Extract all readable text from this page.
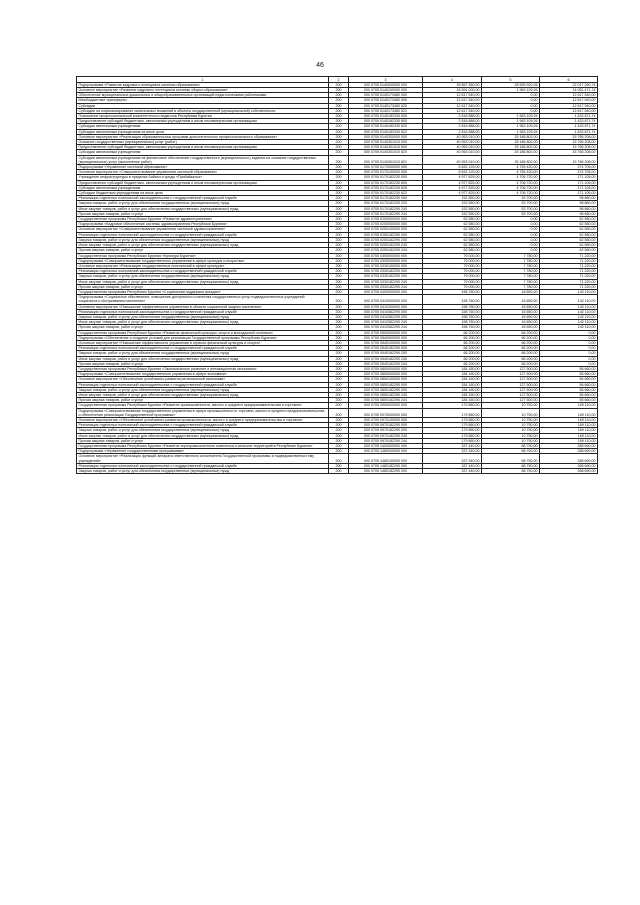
46
1	2	3	4	5	6
Подпрограмма «Развитие кадрового потенциала системы образования»	200	000 0705 0140000000 000	39 857 560,00	28 559 920,26	22 017 260,74
Основное мероприятие «Развитие кадрового потенциала системы общего образования»	200	000 0705 0140100000 000	15 591 000,00	1 963 109,26	14 051 471,74
Обеспечение муниципальных дошкольных и общеобразовательных организаций педагогическими работниками	200	000 0705 0140173480 000	12 617 540,00	0,00	12 617 540,00
Межбюджетные трансферты	200	000 0705 0140173480 500	12 617 540,00	0,00	12 617 540,00
Субсидии	200	000 0705 0140173480 520	12 617 540,00	0,00	12 617 540,00
Субсидии на софинансирование капитальных вложений в объекты государственной (муниципальной) собственности	200	000 0705 0140173480 521	12 617 540,00	0,00	12 617 540,00
Повышение профессиональной компетентности педагогов Республики Бурятия	200	000 0705 0140182330 000	2 816 888,00	1 963 109,26	1 433 871,74
Предоставление субсидий бюджетным, автономным учреждениям и иным некоммерческим организациям	200	000 0705 0140182330 600	2 816 888,00	1 963 109,26	1 433 871,74
Субсидии автономным учреждениям	200	000 0705 0140182330 620	2 816 888,00	1 963 109,26	1 433 871,74
Субсидии автономным учреждениям на иные цели	200	000 0705 0140182330 622	2 816 888,00	1 963 109,26	1 433 871,74
Основное мероприятие «Реализация образовательных программ дополнительного профессионального образования»	200	000 0705 0140300000 000	40 953 010,00	25 186 802,00	15 766 208,00
Оказание государственных (муниципальных) услуг (работ)	200	000 0705 0140301010 000	40 953 010,00	25 186 802,00	15 766 208,00
Предоставление субсидий бюджетным, автономным учреждениям и иным некоммерческим организациям	200	000 0705 0140301010 600	40 953 010,00	25 186 802,00	15 766 208,00
Субсидии автономным учреждениям	200	000 0705 0140301010 620	40 953 010,00	25 186 802,00	15 766 208,00
Субсидии автономным учреждениям на финансовое обеспечение государственного (муниципального) задания на оказание государственных (муниципальных) услуг (выполнение работ)	200	000 0705 0140301010 621	40 953 010,00	25 186 802,00	15 766 208,00
Подпрограмма «Управление системой образования»	200	000 0705 0170000000 000	5 632 125,00	4 755 420,00	274 705,00
Основное мероприятие «Совершенствование управления системой образования»	200	000 0705 0170100000 000	5 632 125,00	4 755 420,00	274 705,00
Учреждение инфраструктуры в пределах Байкал и среды «Прибайкалья»	200	000 0705 0170182230 000	4 977 825,00	4 706 720,00	171 105,00
Предоставление субсидий бюджетным, автономным учреждениям и иным некоммерческим организациям	200	000 0705 0170182230 600	4 977 825,00	4 706 720,00	171 105,00
Субсидии автономным учреждениям	200	000 0705 0170182230 620	4 977 825,00	4 706 720,00	171 105,00
Субсидии бюджетным учреждениям на иные цели	200	000 0705 0170182230 622	4 977 825,00	4 706 720,00	171 105,00
Реализация отдельных полномочий законодательства о государственной гражданской службе	200	000 0705 0170182290 000	152 560,00	53 700,00	98 860,00
Закупка товаров, работ и услуг для обеспечения государственных (муниципальных) нужд	200	000 0705 0170182290 200	152 560,00	53 700,00	98 860,00
Иные закупки товаров, работ и услуг для обеспечения государственных (муниципальных) нужд	200	000 0705 0170182290 240	152 560,00	53 700,00	98 860,00
Прочая закупка товаров, работ и услуг	200	000 0705 0170182290 244	152 560,00	53 700,00	98 860,00
Государственная программа Республики Бурятия «Развитие здравоохранения»	200	000 0705 0200000000 000	62 580,00	0,00	62 580,00
Подпрограмма «Кадровое обеспечение системы здравоохранения Республики Бурятия»	200	000 0705 0250000000 000	62 580,00	0,00	62 580,00
Основное мероприятие «Совершенствование управления системой здравоохранения»	200	000 0705 0250100000 000	62 580,00	0,00	62 580,00
Реализация отдельных полномочий законодательства о государственной гражданской службе	200	000 0705 0250182290 000	62 580,00	0,00	62 580,00
Закупка товаров, работ и услуг для обеспечения государственных (муниципальных) нужд	200	000 0705 0250182290 200	62 580,00	0,00	62 580,00
Иные закупки товаров, работ и услуг для обеспечения государственных (муниципальных) нужд	200	000 0705 0250182290 240	62 580,00	0,00	62 580,00
Прочая закупка товаров, работ и услуг	200	000 0705 0250182290 244	62 580,00	0,00	62 580,00
Государственная программа Республики Бурятия «Культура Бурятии»	200	000 0705 0300000000 000	79 000,00	7 780,00	71 220,00
Подпрограмма «Совершенствование государственного управления в сфере культуры и искусства»	200	000 0705 0330000000 000	79 000,00	7 780,00	71 220,00
Основное мероприятие «Реализация государственных полномочий в сфере культуры»	200	000 0705 0330100000 000	79 000,00	7 780,00	71 220,00
Реализация отдельных полномочий законодательства о государственной гражданской службе	200	000 0705 0330182290 000	79 000,00	7 780,00	71 220,00
Закупка товаров, работ и услуг для обеспечения государственных (муниципальных) нужд	200	000 0705 0330182290 200	79 000,00	7 780,00	71 220,00
Иные закупки товаров, работ и услуг для обеспечения государственных (муниципальных) нужд	200	000 0705 0330182290 240	79 000,00	7 780,00	71 220,00
Прочая закупка товаров, работ и услуг	200	000 0705 0330182290 244	79 000,00	7 780,00	71 220,00
Государственная программа Республики Бурятия «Социальная поддержка граждан»	200	000 0705 0400000000 000	158 760,00	16 650,00	142 110,00
Подпрограмма «Социальное обеспечение, повышение доступности и качества государственных услуг подведомственных учреждений социального обслуживания населения»	200	000 0705 0410000000 000	158 760,00	16 650,00	142 110,00
Основное мероприятие «Повышение эффективности управления в области социальной защиты населения»	200	000 0705 0410300000 000	158 760,00	16 650,00	142 110,00
Реализация отдельных полномочий законодательства о государственной гражданской службе	200	000 0705 0410382290 000	158 760,00	16 650,00	142 110,00
Закупка товаров, работ и услуг для обеспечения государственных (муниципальных) нужд	200	000 0705 0410382290 200	158 760,00	16 650,00	142 110,00
Иные закупки товаров, работ и услуг для обеспечения государственных (муниципальных) нужд	200	000 0705 0410382290 240	158 760,00	16 650,00	142 110,00
Прочая закупка товаров, работ и услуг	200	000 0705 0410382290 244	158 760,00	16 650,00	142 110,00
Государственная программа Республики Бурятия «Развитие физической культуры, спорта и молодежной политики»	200	000 0705 0500000000 000	66 200,00	66 200,00	0,00
Подпрограмма «Обеспечение и создание условий для реализации Государственной программы Республики Бурятия»	200	000 0705 0540000000 000	66 200,00	66 200,00	0,00
Основное мероприятие «Повышение эффективности управления в отрасли физической культуры и спорта»	200	000 0705 0540100000 000	66 200,00	66 200,00	0,00
Реализация отдельных полномочий законодательства о государственной гражданской службе	200	000 0705 0540182290 000	66 200,00	66 200,00	0,00
Закупка товаров, работ и услуг для обеспечения государственных (муниципальных) нужд	200	000 0705 0540182290 200	66 200,00	66 200,00	0,00
Иные закупки товаров, работ и услуг для обеспечения государственных (муниципальных) нужд	200	000 0705 0540182290 240	66 200,00	66 200,00	0,00
Прочая закупка товаров, работ и услуг	200	000 0705 0540182290 244	66 200,00	66 200,00	0,00
Государственная программа Республики Бурятия «Экономическое развитие и инновационная экономика»	200	000 0705 0800000000 000	184 160,00	127 500,00	56 660,00
Подпрограмма «Совершенствование государственного управления в сфере экономики»	200	000 0705 0850000000 000	184 160,00	127 500,00	56 660,00
Основное мероприятие «Обеспечение устойчивого развития региональной экономики»	200	000 0705 0850100000 000	184 160,00	127 500,00	56 660,00
Реализация отдельных полномочий законодательства о государственной гражданской службе	200	000 0705 0850182290 000	184 160,00	127 500,00	56 660,00
Закупка товаров, работ и услуг для обеспечения государственных (муниципальных) нужд	200	000 0705 0850182290 200	184 160,00	127 500,00	56 660,00
Иные закупки товаров, работ и услуг для обеспечения государственных (муниципальных) нужд	200	000 0705 0850182290 240	184 160,00	127 500,00	56 660,00
Прочая закупка товаров, работ и услуг	200	000 0705 0850182290 244	184 160,00	127 500,00	56 660,00
Государственная программа Республики Бурятия «Развитие промышленности, малого и среднего предпринимательства и торговли»	200	000 0705 0900000000 000	179 860,00	10 750,00	169 110,00
Подпрограмма «Совершенствование государственного управления в сфере промышленности, торговли, малого и среднего предпринимательства и обеспечение реализации Государственной программы»	200	000 0705 0970000000 000	179 860,00	10 750,00	169 110,00
Основное мероприятие «Обеспечение устойчивого развития промышленности, малого и среднего предпринимательства и торговли»	200	000 0705 0970100000 000	179 860,00	10 750,00	169 110,00
Реализация отдельных полномочий законодательства о государственной гражданской службе	200	000 0705 0970182290 000	179 860,00	10 750,00	169 110,00
Закупка товаров, работ и услуг для обеспечения государственных (муниципальных) нужд	200	000 0705 0970182290 200	179 860,00	10 750,00	169 110,00
Иные закупки товаров, работ и услуг для обеспечения государственных (муниципальных) нужд	200	000 0705 0970182290 240	179 860,00	10 750,00	169 110,00
Прочая закупка товаров, работ и услуг	200	000 0705 0970182290 244	179 860,00	10 750,00	169 110,00
Государственная программа Республики Бурятия «Развитие агропромышленного комплекса и сельских территорий в Республике Бурятия»	200	000 0705 1400000000 000	337 440,00	68 750,00	268 690,00
Подпрограмма «Управление государственными программами»	200	000 0705 1480000000 000	337 440,00	68 750,00	268 690,00
Основное мероприятие «Реализация функций аппарата ответственного исполнителя Государственной программы и подведомственных ему учреждений»	200	000 0705 1480100000 000	337 440,00	68 750,00	268 690,00
Реализация отдельных полномочий законодательства о государственной гражданской службе	200	000 0705 1480182290 000	337 440,00	68 750,00	268 690,00
Закупка товаров, работ и услуг для обеспечения государственных (муниципальных) нужд	200	000 0705 1480182290 200	337 440,00	68 750,00	268 690,00
